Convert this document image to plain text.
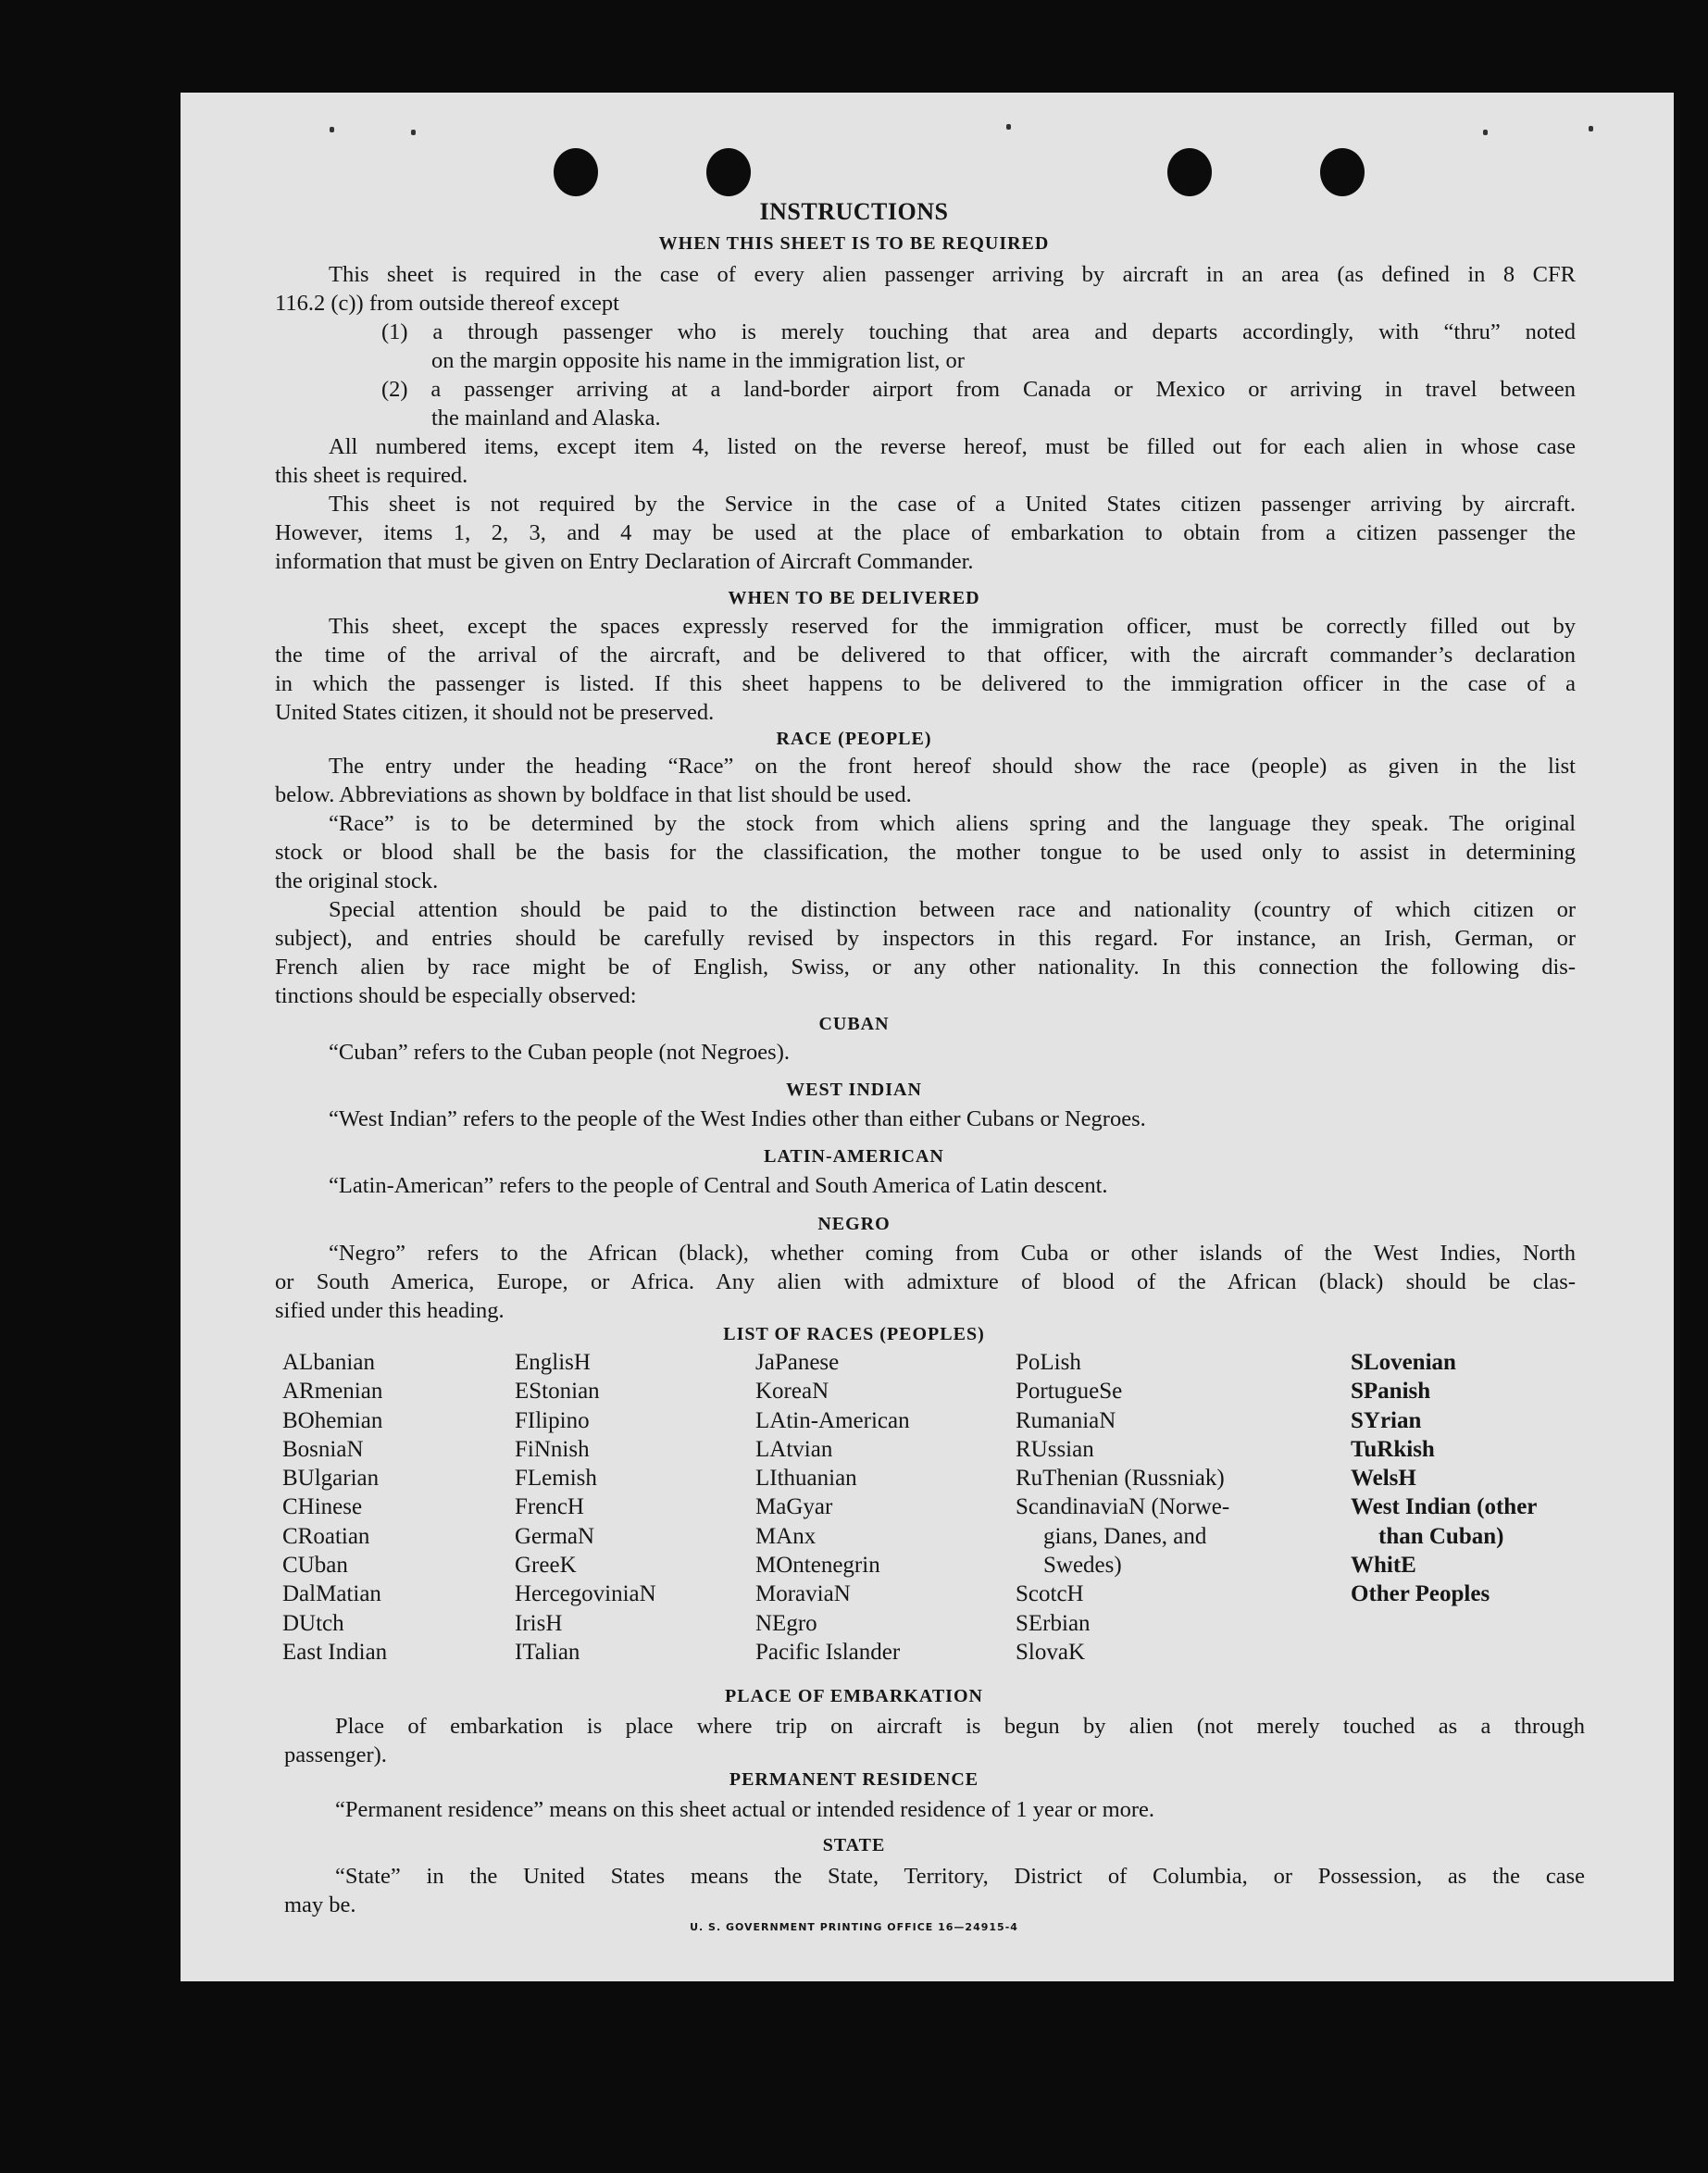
INSTRUCTIONS
WHEN THIS SHEET IS TO BE REQUIRED
This sheet is required in the case of every alien passenger arriving by aircraft in an area (as defined in 8 CFR
116.2 (c)) from outside thereof except
(1) a through passenger who is merely touching that area and departs accordingly, with “thru” noted
on the margin opposite his name in the immigration list, or
(2) a passenger arriving at a land-border airport from Canada or Mexico or arriving in travel between
the mainland and Alaska.
All numbered items, except item 4, listed on the reverse hereof, must be filled out for each alien in whose case
this sheet is required.
This sheet is not required by the Service in the case of a United States citizen passenger arriving by aircraft.
However, items 1, 2, 3, and 4 may be used at the place of embarkation to obtain from a citizen passenger the
information that must be given on Entry Declaration of Aircraft Commander.
WHEN TO BE DELIVERED
This sheet, except the spaces expressly reserved for the immigration officer, must be correctly filled out by
the time of the arrival of the aircraft, and be delivered to that officer, with the aircraft commander’s declaration
in which the passenger is listed. If this sheet happens to be delivered to the immigration officer in the case of a
United States citizen, it should not be preserved.
RACE (PEOPLE)
The entry under the heading “Race” on the front hereof should show the race (people) as given in the list
below. Abbreviations as shown by boldface in that list should be used.
“Race” is to be determined by the stock from which aliens spring and the language they speak. The original
stock or blood shall be the basis for the classification, the mother tongue to be used only to assist in determining
the original stock.
Special attention should be paid to the distinction between race and nationality (country of which citizen or
subject), and entries should be carefully revised by inspectors in this regard. For instance, an Irish, German, or
French alien by race might be of English, Swiss, or any other nationality. In this connection the following dis-
tinctions should be especially observed:
CUBAN
“Cuban” refers to the Cuban people (not Negroes).
WEST INDIAN
“West Indian” refers to the people of the West Indies other than either Cubans or Negroes.
LATIN-AMERICAN
“Latin-American” refers to the people of Central and South America of Latin descent.
NEGRO
“Negro” refers to the African (black), whether coming from Cuba or other islands of the West Indies, North
or South America, Europe, or Africa. Any alien with admixture of blood of the African (black) should be clas-
sified under this heading.
LIST OF RACES (PEOPLES)
ALbanian
ARmenian
BOhemian
BosniaN
BUlgarian
CHinese
CRoatian
CUban
DalMatian
DUtch
East Indian
EnglisH
EStonian
FIlipino
FiNnish
FLemish
FrencH
GermaN
GreeK
HercegoviniaN
IrisH
ITalian
JaPanese
KoreaN
LAtin-American
LAtvian
LIthuanian
MaGyar
MAnx
MOntenegrin
MoraviaN
NEgro
Pacific Islander
PoLish
PortugueSe
RumaniaN
RUssian
RuThenian (Russniak)
ScandinaviaN (Norwe-
gians, Danes, and
Swedes)
ScotcH
SErbian
SlovaK
SLovenian
SPanish
SYrian
TuRkish
WelsH
West Indian (other
than Cuban)
WhitE
Other Peoples
PLACE OF EMBARKATION
Place of embarkation is place where trip on aircraft is begun by alien (not merely touched as a through
passenger).
PERMANENT RESIDENCE
“Permanent residence” means on this sheet actual or intended residence of 1 year or more.
STATE
“State” in the United States means the State, Territory, District of Columbia, or Possession, as the case
may be.
U. S. GOVERNMENT PRINTING OFFICE 16—24915-4
